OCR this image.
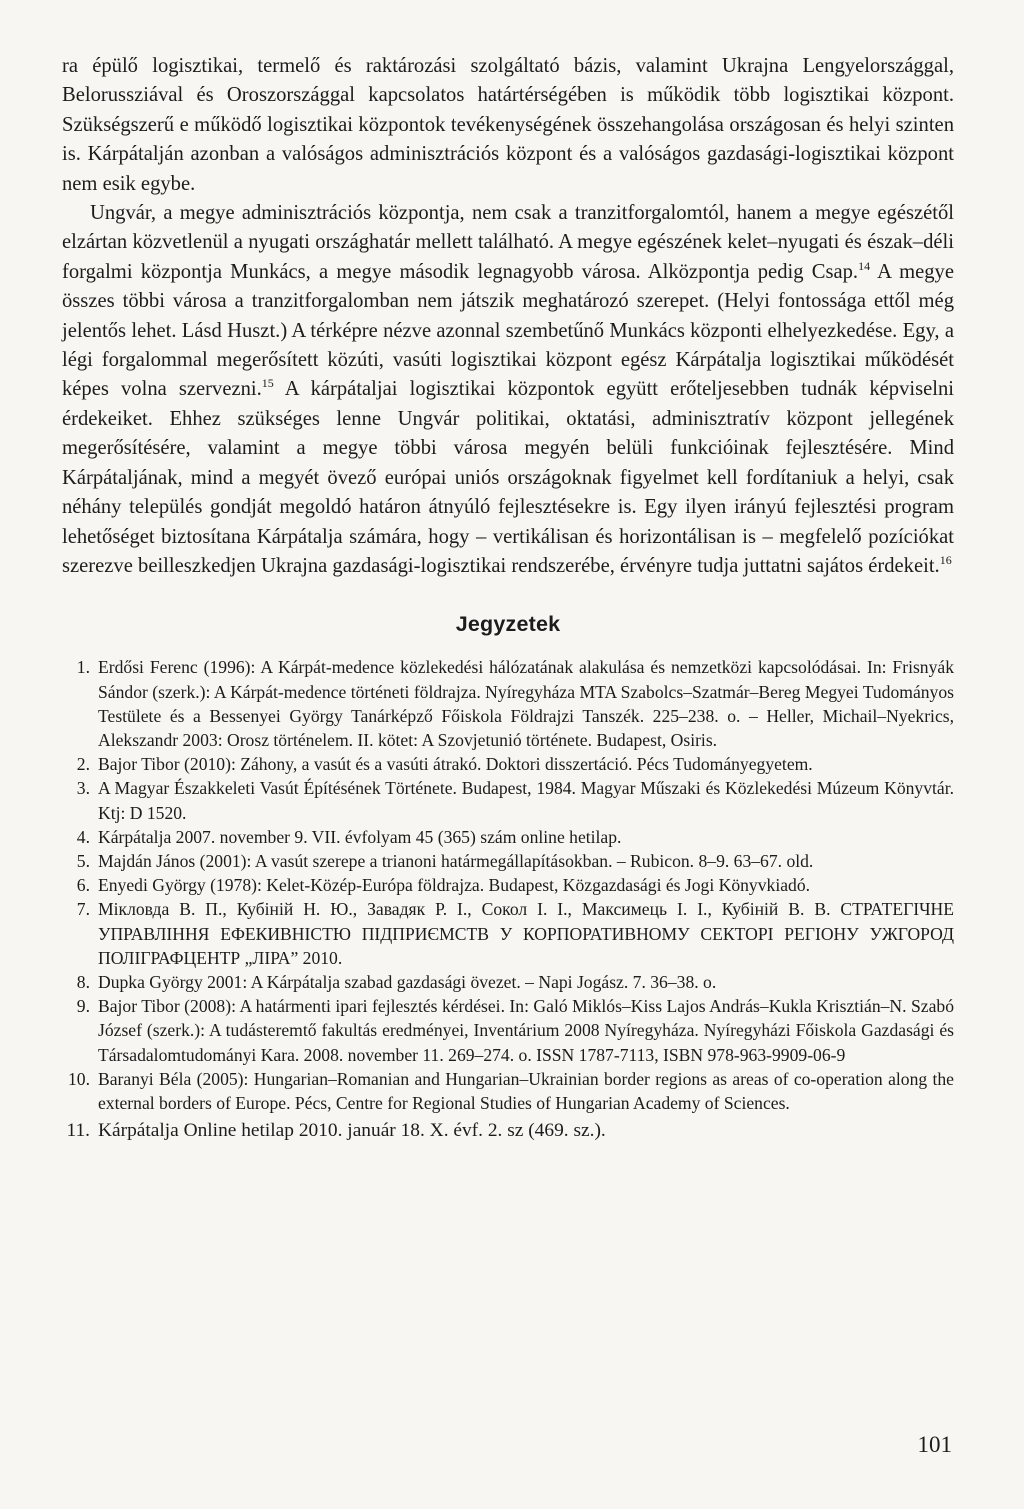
ra épülő logisztikai, termelő és raktározási szolgáltató bázis, valamint Ukrajna Lengyelországgal, Belorussziával és Oroszországgal kapcsolatos határtérségében is működik több logisztikai központ. Szükségszerű e működő logisztikai központok tevékenységének összehangolása országosan és helyi szinten is. Kárpátalján azonban a valóságos adminisztrációs központ és a valóságos gazdasági-logisztikai központ nem esik egybe.

Ungvár, a megye adminisztrációs központja, nem csak a tranzitforgalomtól, hanem a megye egészétől elzártan közvetlenül a nyugati országhatár mellett található. A megye egészének kelet–nyugati és észak–déli forgalmi központja Munkács, a megye második legnagyobb városa. Alközpontja pedig Csap.$^{14}$ A megye összes többi városa a tranzitforgalomban nem játszik meghatározó szerepet. (Helyi fontossága ettől még jelentős lehet. Lásd Huszt.) A térképre nézve azonnal szembetűnő Munkács központi elhelyezkedése. Egy, a légi forgalommal megerősített közúti, vasúti logisztikai központ egész Kárpátalja logisztikai működését képes volna szervezni.$^{15}$ A kárpátaljai logisztikai központok együtt erőteljesebben tudnák képviselni érdekeiket. Ehhez szükséges lenne Ungvár politikai, oktatási, adminisztratív központ jellegének megerősítésére, valamint a megye többi városa megyén belüli funkcióinak fejlesztésére. Mind Kárpátaljának, mind a megyét övező európai uniós országoknak figyelmet kell fordítaniuk a helyi, csak néhány település gondját megoldó határon átnyúló fejlesztésekre is. Egy ilyen irányú fejlesztési program lehetőséget biztosítana Kárpátalja számára, hogy – vertikálisan és horizontálisan is – megfelelő pozíciókat szerezve beilleszkedjen Ukrajna gazdasági-logisztikai rendszerébe, érvényre tudja juttatni sajátos érdekeit.$^{16}$

Jegyzetek
1. Erdősi Ferenc (1996): A Kárpát-medence közlekedési hálózatának alakulása és nemzetközi kapcsolódásai. In: Frisnyák Sándor (szerk.): A Kárpát-medence történeti földrajza. Nyíregyháza MTA Szabolcs–Szatmár–Bereg Megyei Tudományos Testülete és a Bessenyei György Tanárképző Főiskola Földrajzi Tanszék. 225–238. o. – Heller, Michail–Nyekrics, Alekszandr 2003: Orosz történelem. II. kötet: A Szovjetunió története. Budapest, Osiris.
2. Bajor Tibor (2010): Záhony, a vasút és a vasúti átrakó. Doktori disszertáció. Pécs Tudományegyetem.
3. A Magyar Északkeleti Vasút Építésének Története. Budapest, 1984. Magyar Műszaki és Közlekedési Múzeum Könyvtár. Ktj: D 1520.
4. Kárpátalja 2007. november 9. VII. évfolyam 45 (365) szám online hetilap.
5. Majdán János (2001): A vasút szerepe a trianoni határmegállapításokban. – Rubicon. 8–9. 63–67. old.
6. Enyedi György (1978): Kelet-Közép-Európa földrajza. Budapest, Közgazdasági és Jogi Könyvkiadó.
7. Мiкловда В. П., Кубiнiй Н. Ю., Завадяк Р. I., Сокол I. I., Максимець I. I., Кубiнiй В. В. СТРАТЕГIЧНЕ УПРАВЛIННЯ ЕФЕКИВНIСТЮ ПIДПРИЄМСТВ У КОРПОРАТИВНОМУ СЕКТОРI РЕГIОНУ УЖГОРОД ПОЛIГРАФЦЕНТР „ЛIРА” 2010.
8. Dupka György 2001: A Kárpátalja szabad gazdasági övezet. – Napi Jogász. 7. 36–38. o.
9. Bajor Tibor (2008): A határmenti ipari fejlesztés kérdései. In: Galó Miklós–Kiss Lajos András–Kukla Krisztián–N. Szabó József (szerk.): A tudásteremtő fakultás eredményei, Inventárium 2008 Nyíregyháza. Nyíregyházi Főiskola Gazdasági és Társadalomtudományi Kara. 2008. november 11. 269–274. o. ISSN 1787-7113, ISBN 978-963-9909-06-9
10. Baranyi Béla (2005): Hungarian–Romanian and Hungarian–Ukrainian border regions as areas of co-operation along the external borders of Europe. Pécs, Centre for Regional Studies of Hungarian Academy of Sciences.
11. Kárpátalja Online hetilap 2010. január 18. X. évf. 2. sz (469. sz.).
101
